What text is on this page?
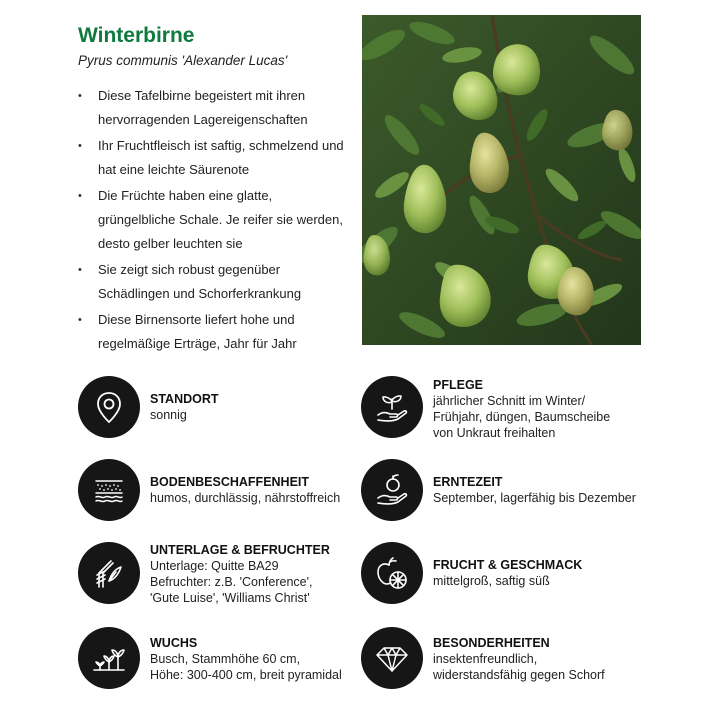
Winterbirne
Pyrus communis 'Alexander Lucas'
• Diese Tafelbirne begeistert mit ihren hervorragenden Lagereigenschaften
• Ihr Fruchtfleisch ist saftig, schmelzend und hat eine leichte Säurenote
• Die Früchte haben eine glatte, grüngelbliche Schale. Je reifer sie werden, desto gelber leuchten sie
• Sie zeigt sich robust gegenüber Schädlingen und Schorferkrankung
• Diese Birnensorte liefert hohe und regelmäßige Erträge, Jahr für Jahr
STANDORT
sonnig
PFLEGE
jährlicher Schnitt im Winter/
Frühjahr, düngen, Baumscheibe
von Unkraut freihalten
BODENBESCHAFFENHEIT
humos, durchlässig, nährstoffreich
ERNTEZEIT
September, lagerfähig bis Dezember
UNTERLAGE & BEFRUCHTER
Unterlage: Quitte BA29
Befruchter: z.B. 'Conference',
'Gute Luise', 'Williams Christ'
FRUCHT & GESCHMACK
mittelgroß, saftig süß
WUCHS
Busch, Stammhöhe 60 cm,
Höhe: 300-400 cm, breit pyramidal
BESONDERHEITEN
insektenfreundlich,
widerstandsfähig gegen Schorf
